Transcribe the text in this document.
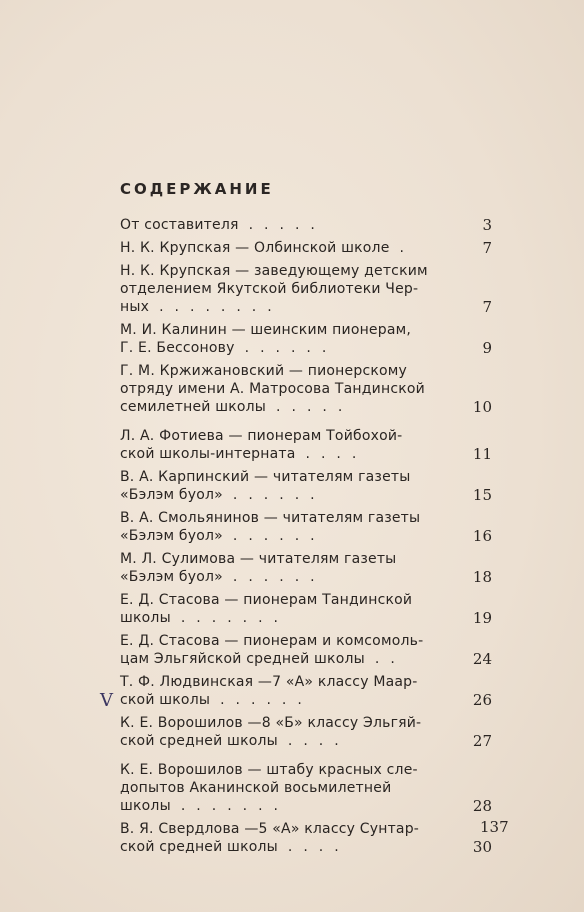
V
СОДЕРЖАНИЕ
От составителя .....	3
Н. К. Крупская — Олбинской школе .	7
Н. К. Крупская — заведующему детским
отделением Якутской библиотеки Чер-
ных ........	7
М. И. Калинин — шеинским пионерам,
Г. Е. Бессонову ......	9
Г. М. Кржижановский — пионерскому
отряду имени А. Матросова Тандинской
семилетней школы .....	10
Л. А. Фотиева — пионерам Тойбохой-
ской школы-интерната ....	11
В. А. Карпинский — читателям газеты
«Бэлэм буол» ......	15
В. А. Смольянинов — читателям газеты
«Бэлэм буол» ......	16
М. Л. Сулимова — читателям газеты
«Бэлэм буол» ......	18
Е. Д. Стасова — пионерам Тандинской
школы .......	19
Е. Д. Стасова — пионерам и комсомоль-
цам Эльгяйской средней школы ..	24
Т. Ф. Людвинская —7 «А» классу Маар-
ской школы ......	26
К. Е. Ворошилов —8 «Б» классу Эльгяй-
ской средней школы ....	27
К. Е. Ворошилов — штабу красных сле-
допытов Аканинской восьмилетней
школы .......	28
В. Я. Свердлова —5 «А» классу Сунтар-
ской средней школы ....	30
137
